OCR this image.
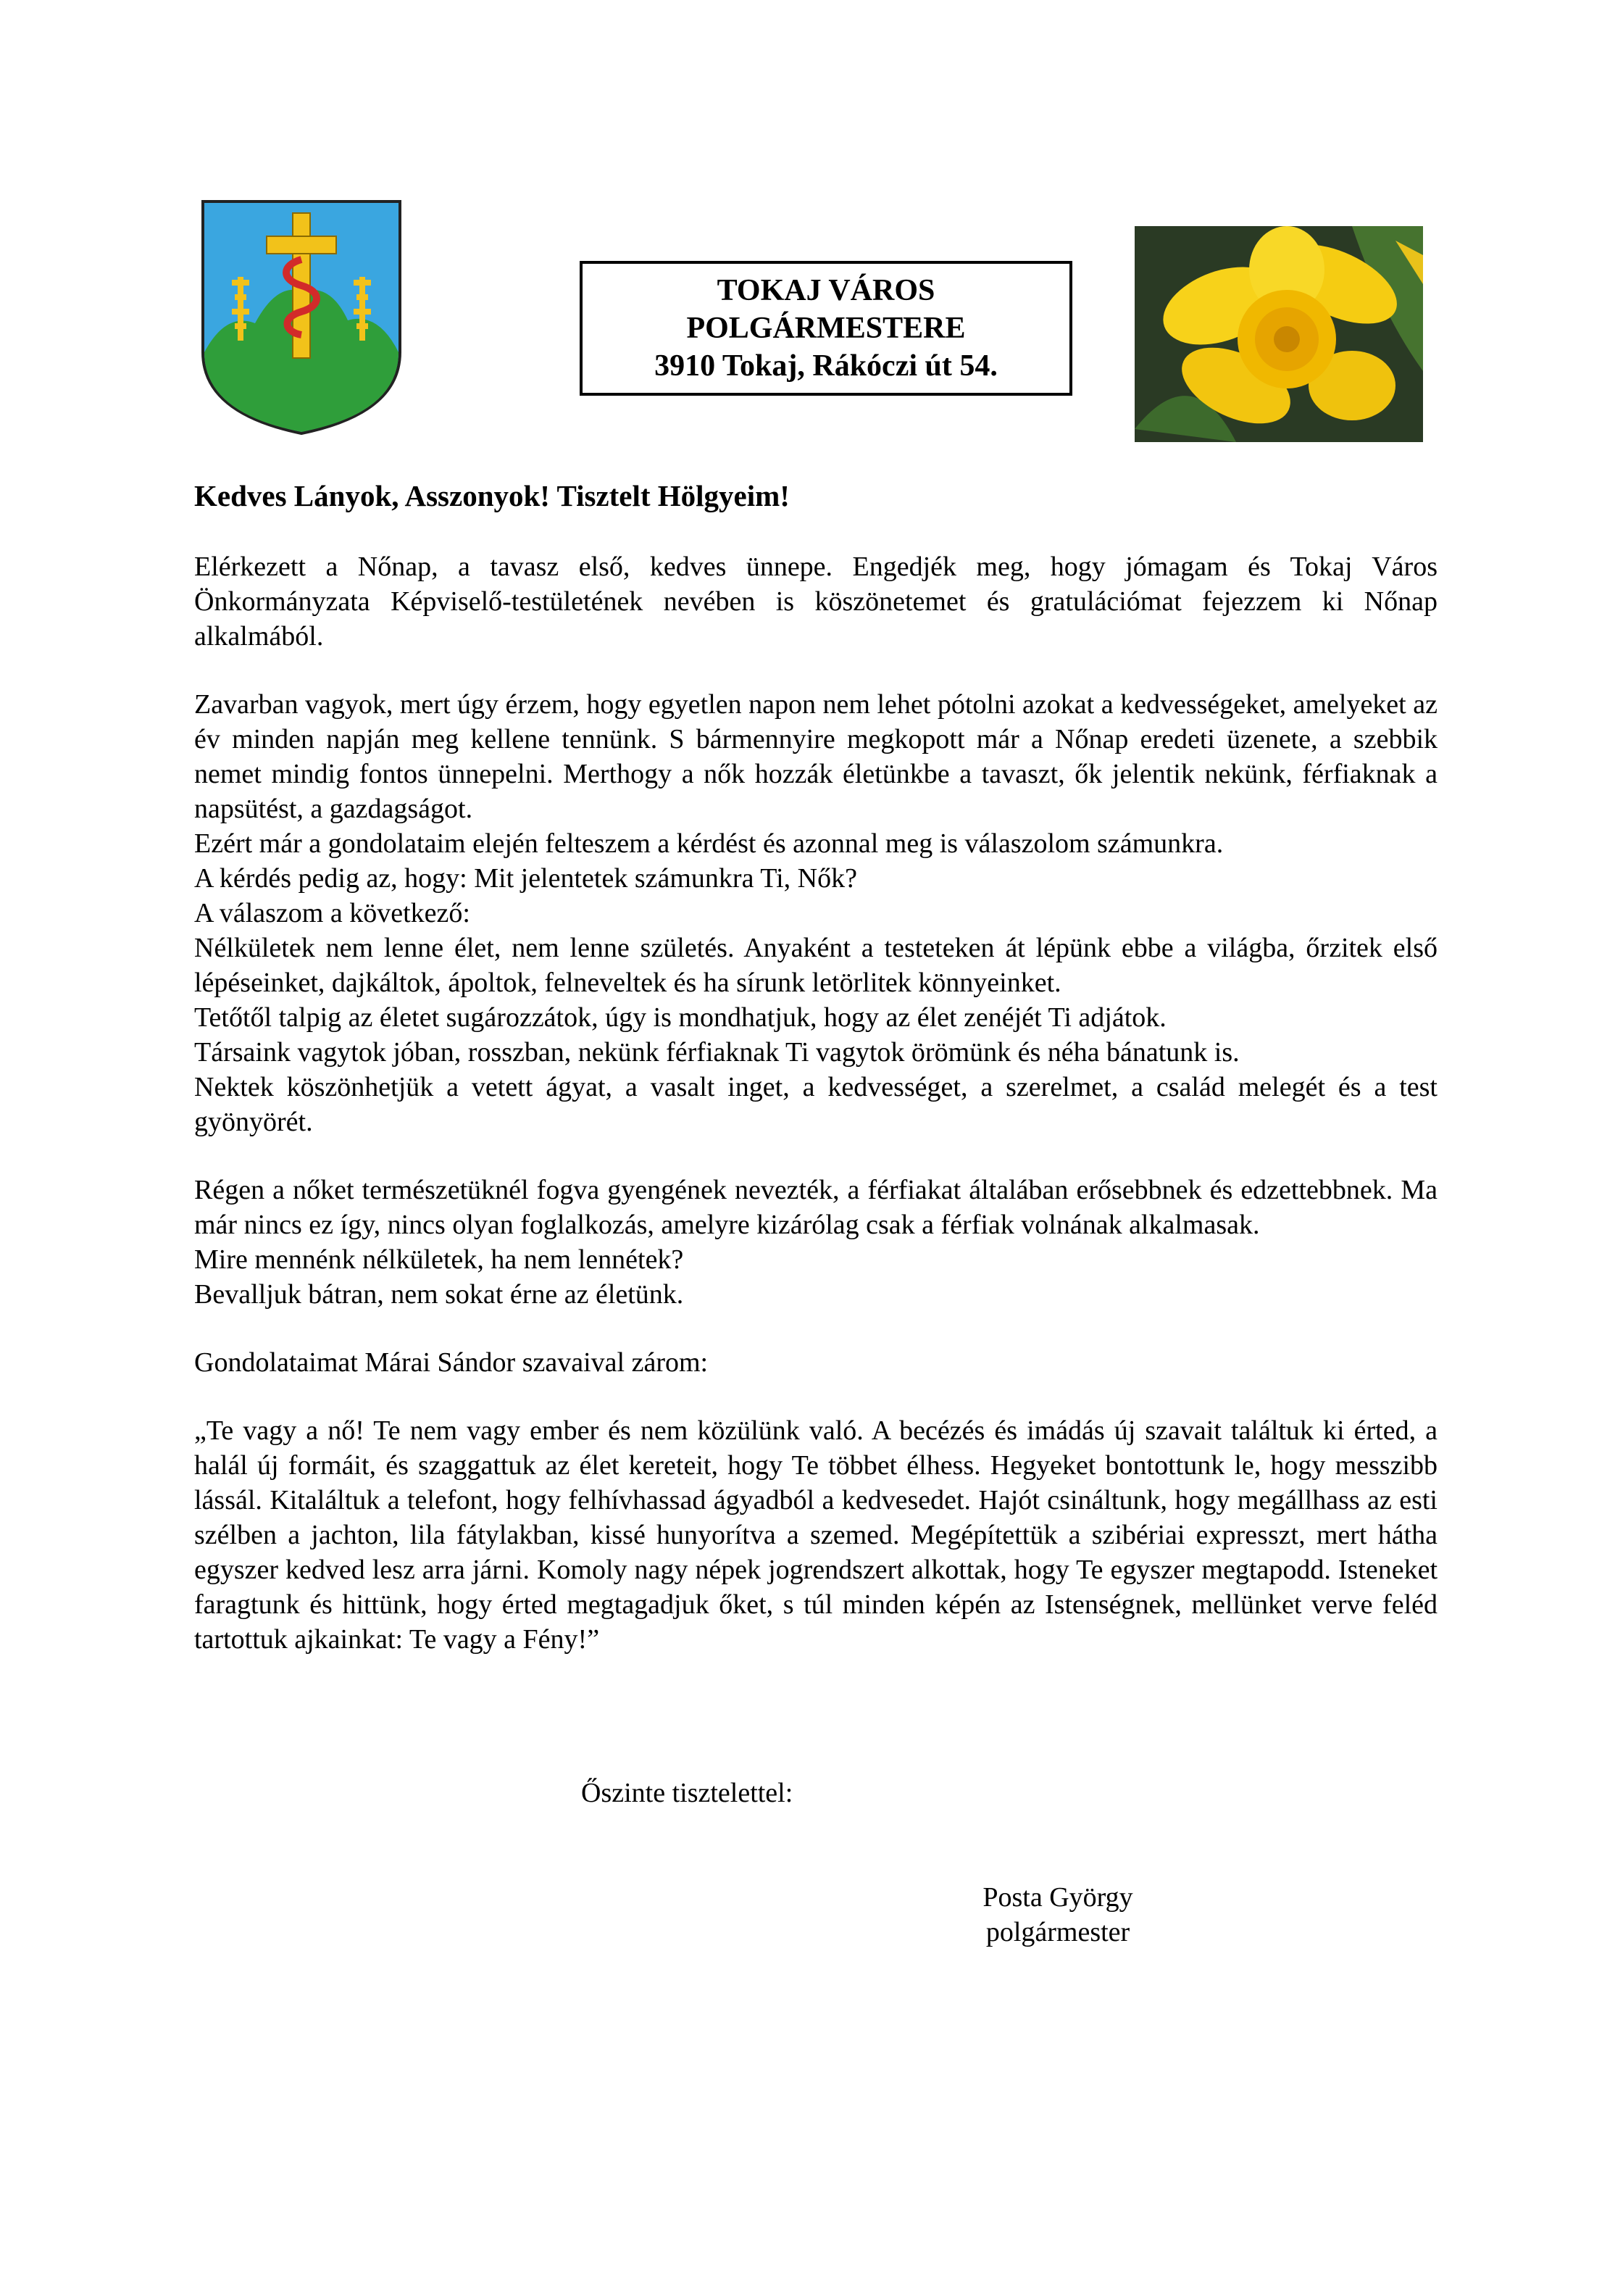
TOKAJ VÁROS
POLGÁRMESTERE
3910 Tokaj, Rákóczi út 54.
Kedves Lányok, Asszonyok! Tisztelt Hölgyeim!

Elérkezett a Nőnap, a tavasz első, kedves ünnepe. Engedjék meg, hogy jómagam és Tokaj Város Önkormányzata Képviselő-testületének nevében is köszönetemet és gratulációmat fejezzem ki Nőnap alkalmából.

Zavarban vagyok, mert úgy érzem, hogy egyetlen napon nem lehet pótolni azokat a kedvességeket, amelyeket az év minden napján meg kellene tennünk. S bármennyire megkopott már a Nőnap eredeti üzenete, a szebbik nemet mindig fontos ünnepelni. Merthogy a nők hozzák életünkbe a tavaszt, ők jelentik nekünk, férfiaknak a napsütést, a gazdagságot.
Ezért már a gondolataim elején felteszem a kérdést és azonnal meg is válaszolom számunkra.
A kérdés pedig az, hogy: Mit jelentetek számunkra Ti, Nők?
A válaszom a következő:
Nélkületek nem lenne élet, nem lenne születés. Anyaként a testeteken át lépünk ebbe a világba, őrzitek első lépéseinket, dajkáltok, ápoltok, felneveltek és ha sírunk letörlitek könnyeinket.
Tetőtől talpig az életet sugározzátok, úgy is mondhatjuk, hogy az élet zenéjét Ti adjátok.
Társaink vagytok jóban, rosszban, nekünk férfiaknak Ti vagytok örömünk és néha bánatunk is.
Nektek köszönhetjük a vetett ágyat, a vasalt inget, a kedvességet, a szerelmet, a család melegét és a test gyönyörét.
Régen a nőket természetüknél fogva gyengének nevezték, a férfiakat általában erősebbnek és edzettebbnek. Ma már nincs ez így, nincs olyan foglalkozás, amelyre kizárólag csak a férfiak volnának alkalmasak.
Mire mennénk nélkületek, ha nem lennétek?
Bevalljuk bátran, nem sokat érne az életünk.

Gondolataimat Márai Sándor szavaival zárom:

„Te vagy a nő! Te nem vagy ember és nem közülünk való. A becézés és imádás új szavait találtuk ki érted, a halál új formáit, és szaggattuk az élet kereteit, hogy Te többet élhess. Hegyeket bontottunk le, hogy messzibb lássál. Kitaláltuk a telefont, hogy felhívhassad ágyadból a kedvesedet. Hajót csináltunk, hogy megállhass az esti szélben a jachton, lila fátylakban, kissé hunyorítva a szemed. Megépítettük a szibériai expresszt, mert hátha egyszer kedved lesz arra járni. Komoly nagy népek jogrendszert alkottak, hogy Te egyszer megtapodd. Isteneket faragtunk és hittünk, hogy érted megtagadjuk őket, s túl minden képén az Istenségnek, mellünket verve feléd tartottuk ajkainkat: Te vagy a Fény!”

Őszinte tisztelettel:
Posta György
polgármester
